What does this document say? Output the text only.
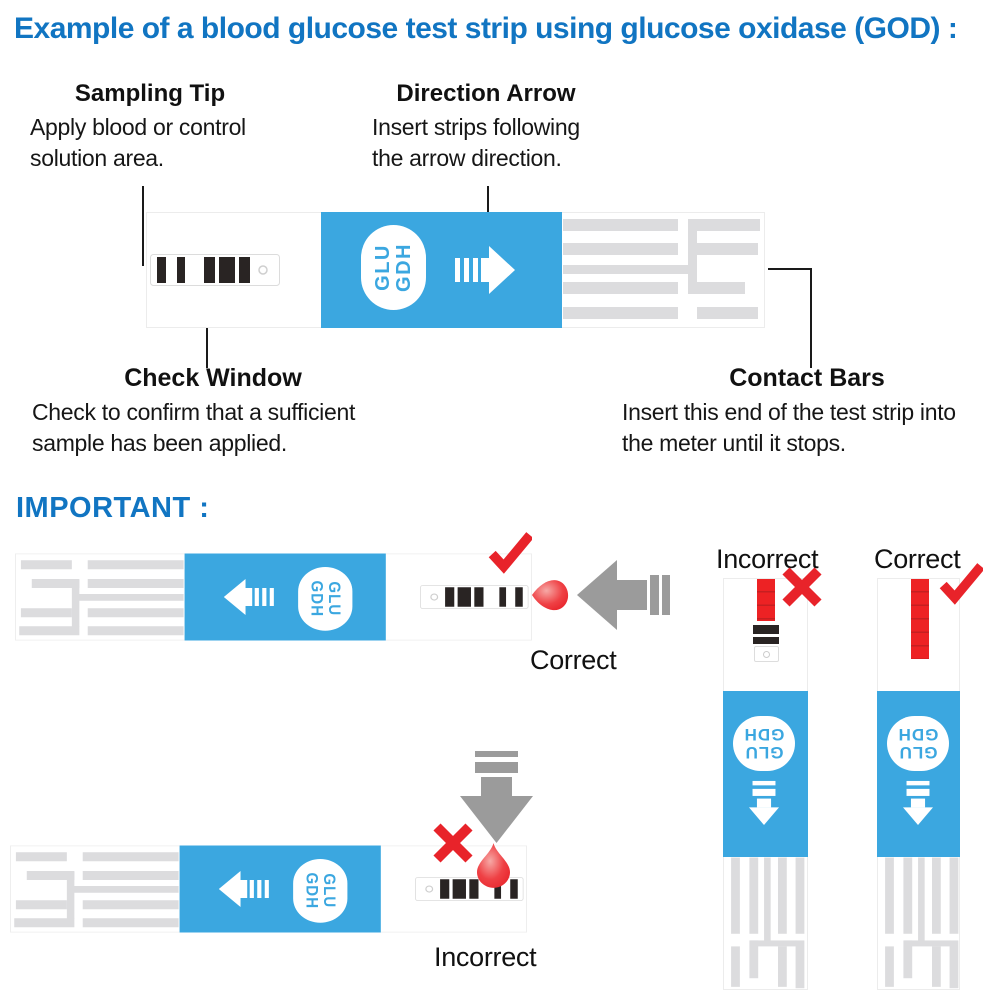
Example of a blood glucose test strip using glucose oxidase (GOD) :
Sampling Tip

Apply blood or control

solution area.

Direction Arrow

Insert strips following

the arrow direction.

GLU GDH
Check Window

Check to confirm that a sufficient

sample has been applied.

Contact Bars

Insert this end of the test strip into

the meter until it stops.

IMPORTANT :
GLU
GDH
Correct
GLU
GDH
Incorrect
Incorrect Correct
GLU
GDH
GLU
GDH
